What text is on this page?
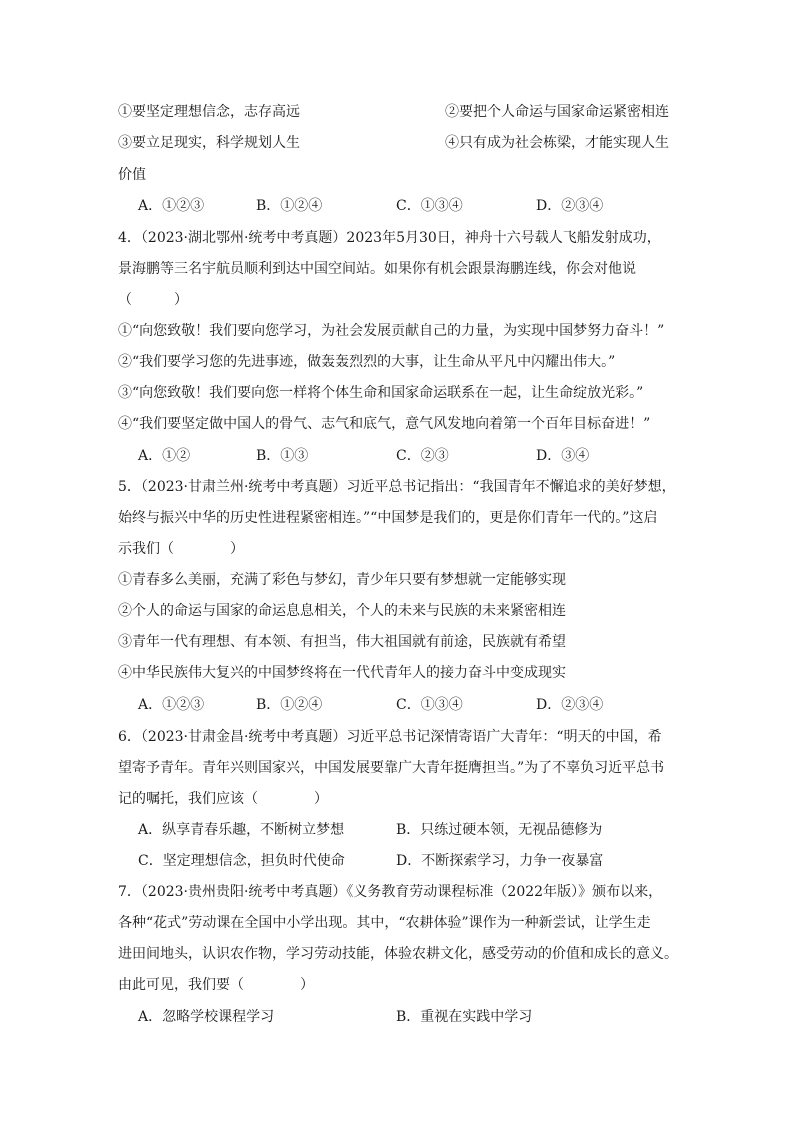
①要坚定理想信念，志存高远	②要把个人命运与国家命运紧密相连
③要立足现实，科学规划人生	④只有成为社会栋梁，才能实现人生
价值
A．①②③	B．①②④	C．①③④	D．②③④
4．（2023·湖北鄂州·统考中考真题）2023年5月30日，神舟十六号载人飞船发射成功，
景海鹏等三名宇航员顺利到达中国空间站。如果你有机会跟景海鹏连线，你会对他说
（　　　）
①“向您致敬！我们要向您学习，为社会发展贡献自己的力量，为实现中国梦努力奋斗！”
②“我们要学习您的先进事迹，做轰轰烈烈的大事，让生命从平凡中闪耀出伟大。”
③“向您致敬！我们要向您一样将个体生命和国家命运联系在一起，让生命绽放光彩。”
④“我们要坚定做中国人的骨气、志气和底气，意气风发地向着第一个百年目标奋进！”
A．①②	B．①③	C．②③	D．③④
5．（2023·甘肃兰州·统考中考真题）习近平总书记指出：“我国青年不懈追求的美好梦想，
始终与振兴中华的历史性进程紧密相连。”“中国梦是我们的，更是你们青年一代的。”这启
示我们（　　　　）
①青春多么美丽，充满了彩色与梦幻，青少年只要有梦想就一定能够实现
②个人的命运与国家的命运息息相关，个人的未来与民族的未来紧密相连
③青年一代有理想、有本领、有担当，伟大祖国就有前途，民族就有希望
④中华民族伟大复兴的中国梦终将在一代代青年人的接力奋斗中变成现实
A．①②③	B．①②④	C．①③④	D．②③④
6．（2023·甘肃金昌·统考中考真题）习近平总书记深情寄语广大青年：“明天的中国，希
望寄予青年。青年兴则国家兴，中国发展要靠广大青年挺膺担当。”为了不辜负习近平总书
记的嘱托，我们应该（　　　　）
A．纵享青春乐趣，不断树立梦想	B．只练过硬本领，无视品德修为
C．坚定理想信念，担负时代使命	D．不断探索学习，力争一夜暴富
7．（2023·贵州贵阳·统考中考真题）《义务教育劳动课程标准（2022年版）》颁布以来，
各种“花式”劳动课在全国中小学出现。其中，“农耕体验”课作为一种新尝试，让学生走
进田间地头，认识农作物，学习劳动技能，体验农耕文化，感受劳动的价值和成长的意义。
由此可见，我们要（　　　　）
A．忽略学校课程学习	B．重视在实践中学习
